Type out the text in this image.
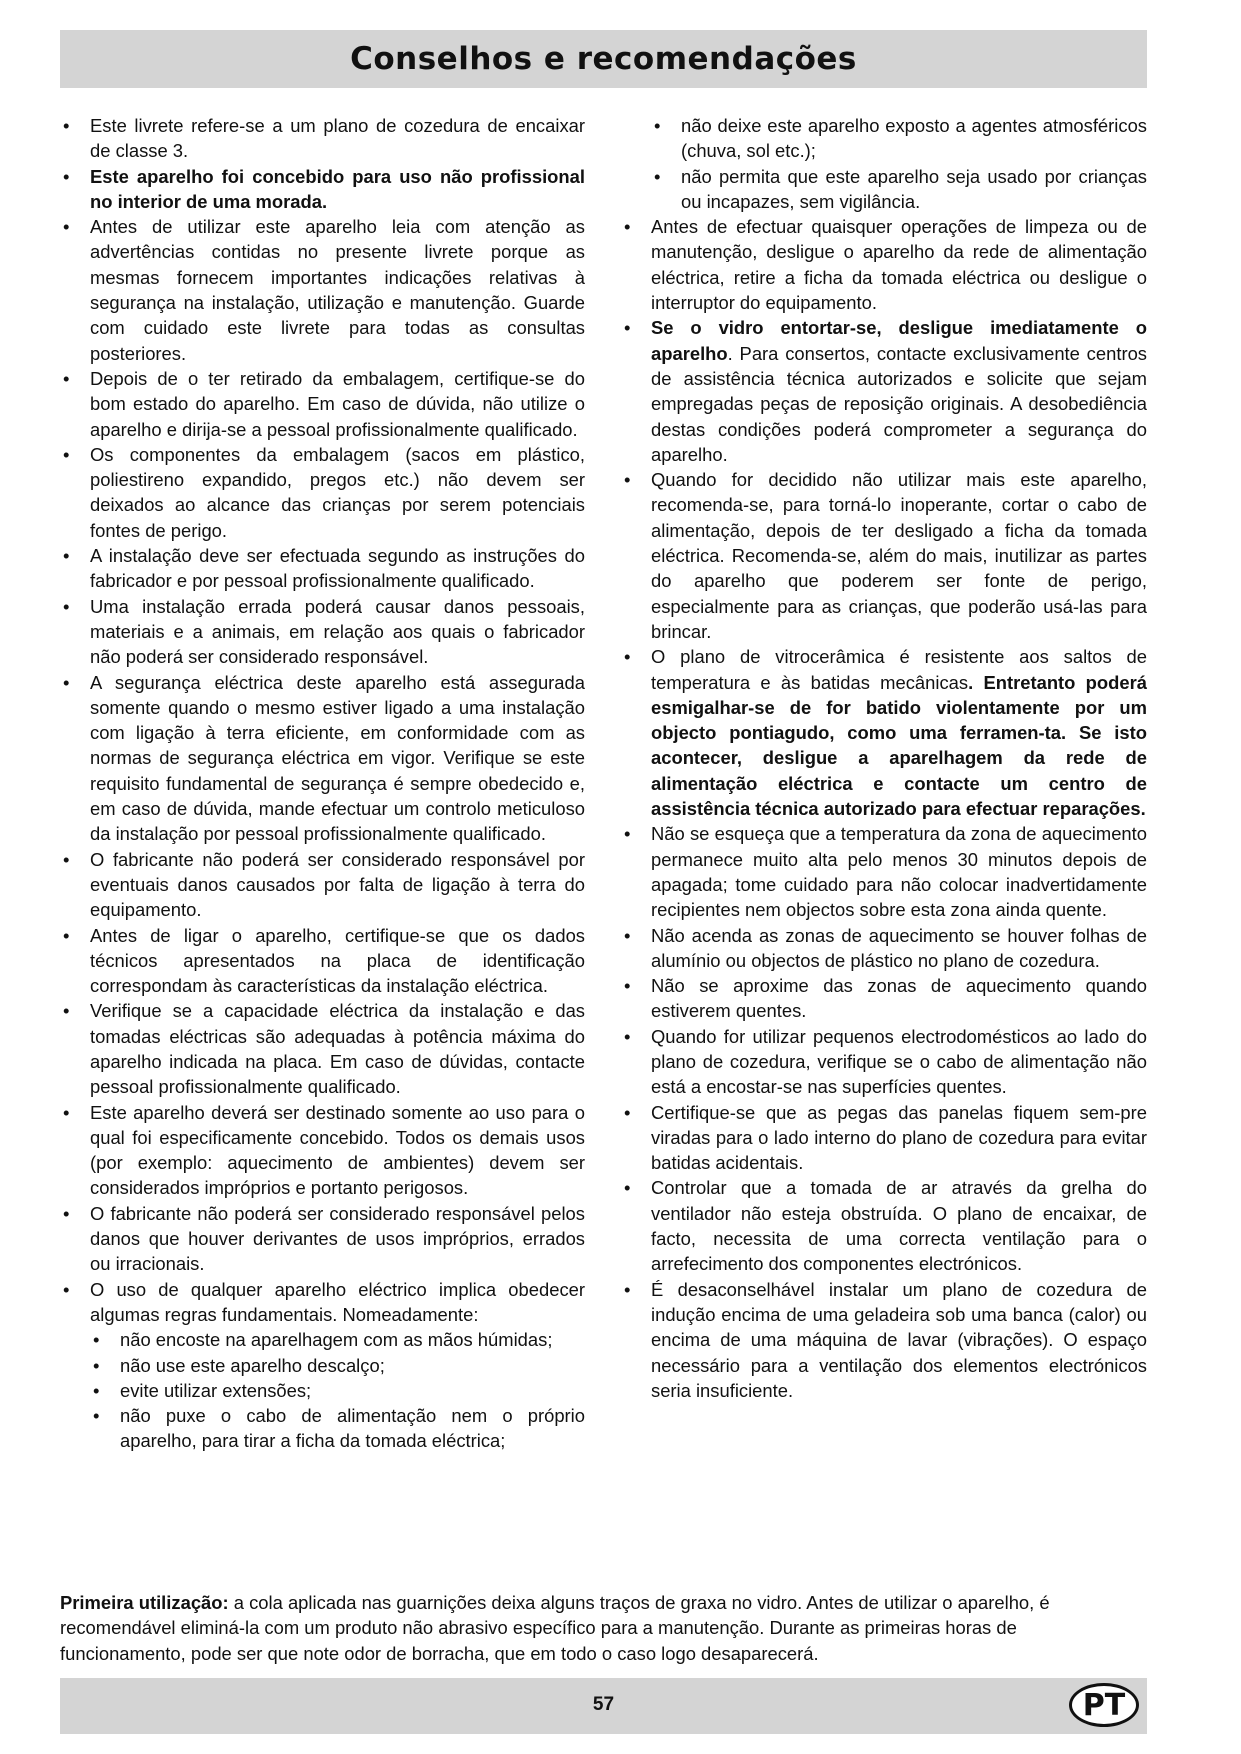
Conselhos e recomendações
• Este livrete refere-se a um plano de cozedura de encaixar de classe 3.
• Este aparelho foi concebido para uso não profissional no interior de uma morada.
• Antes de utilizar este aparelho leia com atenção as advertências contidas no presente livrete porque as mesmas fornecem importantes indicações relativas à segurança na instalação, utilização e manutenção. Guarde com cuidado este livrete para todas as consultas posteriores.
• Depois de o ter retirado da embalagem, certifique-se do bom estado do aparelho. Em caso de dúvida, não utilize o aparelho e dirija-se a pessoal profissionalmente qualificado.
• Os componentes da embalagem (sacos em plástico, poliestireno expandido, pregos etc.) não devem ser deixados ao alcance das crianças por serem potenciais fontes de perigo.
• A instalação deve ser efectuada segundo as instruções do fabricador e por pessoal profissionalmente qualificado.
• Uma instalação errada poderá causar danos pessoais, materiais e a animais, em relação aos quais o fabricador não poderá ser considerado responsável.
• A segurança eléctrica deste aparelho está assegurada somente quando o mesmo estiver ligado a uma instalação com ligação à terra eficiente, em conformidade com as normas de segurança eléctrica em vigor. Verifique se este requisito fundamental de segurança é sempre obedecido e, em caso de dúvida, mande efectuar um controlo meticuloso da instalação por pessoal profissionalmente qualificado.
• O fabricante não poderá ser considerado responsável por eventuais danos causados por falta de ligação à terra do equipamento.
• Antes de ligar o aparelho, certifique-se que os dados técnicos apresentados na placa de identificação correspondam às características da instalação eléctrica.
• Verifique se a capacidade eléctrica da instalação e das tomadas eléctricas são adequadas à potência máxima do aparelho indicada na placa. Em caso de dúvidas, contacte pessoal profissionalmente qualificado.
• Este aparelho deverá ser destinado somente ao uso para o qual foi especificamente concebido. Todos os demais usos (por exemplo: aquecimento de ambientes) devem ser considerados impróprios e portanto perigosos.
• O fabricante não poderá ser considerado responsável pelos danos que houver derivantes de usos impróprios, errados ou irracionais.
• O uso de qualquer aparelho eléctrico implica obedecer algumas regras fundamentais. Nomeadamente:
• não encoste na aparelhagem com as mãos húmidas;
• não use este aparelho descalço;
• evite utilizar extensões;
• não puxe o cabo de alimentação nem o próprio aparelho, para tirar a ficha da tomada eléctrica;
• não deixe este aparelho exposto a agentes atmosféricos (chuva, sol etc.);
• não permita que este aparelho seja usado por crianças ou incapazes, sem vigilância.
• Antes de efectuar quaisquer operações de limpeza ou de manutenção, desligue o aparelho da rede de alimentação eléctrica, retire a ficha da tomada eléctrica ou desligue o interruptor do equipamento.
• Se o vidro entortar-se, desligue imediatamente o aparelho. Para consertos, contacte exclusivamente centros de assistência técnica autorizados e solicite que sejam empregadas peças de reposição originais. A desobediência destas condições poderá comprometer a segurança do aparelho.
• Quando for decidido não utilizar mais este aparelho, recomenda-se, para torná-lo inoperante, cortar o cabo de alimentação, depois de ter desligado a ficha da tomada eléctrica. Recomenda-se, além do mais, inutilizar as partes do aparelho que poderem ser fonte de perigo, especialmente para as crianças, que poderão usá-las para brincar.
• O plano de vitrocerâmica é resistente aos saltos de temperatura e às batidas mecânicas. Entretanto poderá esmigalhar-se de for batido violentamente por um objecto pontiagudo, como uma ferramen-ta. Se isto acontecer, desligue a aparelhagem da rede de alimentação eléctrica e contacte um centro de assistência técnica autorizado para efectuar reparações.
• Não se esqueça que a temperatura da zona de aquecimento permanece muito alta pelo menos 30 minutos depois de apagada; tome cuidado para não colocar inadvertidamente recipientes nem objectos sobre esta zona ainda quente.
• Não acenda as zonas de aquecimento se houver folhas de alumínio ou objectos de plástico no plano de cozedura.
• Não se aproxime das zonas de aquecimento quando estiverem quentes.
• Quando for utilizar pequenos electrodomésticos ao lado do plano de cozedura, verifique se o cabo de alimentação não está a encostar-se nas superfícies quentes.
• Certifique-se que as pegas das panelas fiquem sem-pre viradas para o lado interno do plano de cozedura para evitar batidas acidentais.
• Controlar que a tomada de ar através da grelha do ventilador não esteja obstruída. O plano de encaixar, de facto, necessita de uma correcta ventilação para o arrefecimento dos componentes electrónicos.
• É desaconselhável instalar um plano de cozedura de indução encima de uma geladeira sob uma banca (calor) ou encima de uma máquina de lavar (vibrações). O espaço necessário para a ventilação dos elementos electrónicos seria insuficiente.

Primeira utilização: a cola aplicada nas guarnições deixa alguns traços de graxa no vidro. Antes de utilizar o aparelho, é recomendável eliminá-la com um produto não abrasivo específico para a manutenção. Durante as primeiras horas de funcionamento, pode ser que note odor de borracha, que em todo o caso logo desaparecerá.

57	PT
